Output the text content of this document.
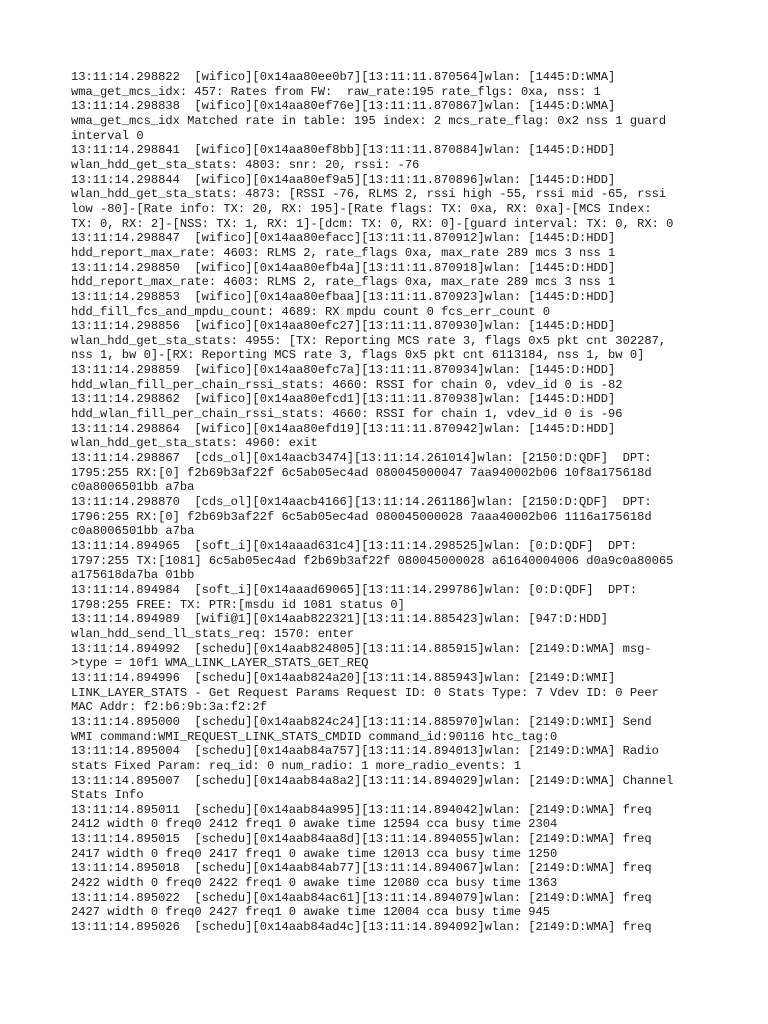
13:11:14.298822  [wifico][0x14aa80ee0b7][13:11:11.870564]wlan: [1445:D:WMA]
wma_get_mcs_idx: 457: Rates from FW:  raw_rate:195 rate_flgs: 0xa, nss: 1
13:11:14.298838  [wifico][0x14aa80ef76e][13:11:11.870867]wlan: [1445:D:WMA]
wma_get_mcs_idx Matched rate in table: 195 index: 2 mcs_rate_flag: 0x2 nss 1 guard
interval 0
13:11:14.298841  [wifico][0x14aa80ef8bb][13:11:11.870884]wlan: [1445:D:HDD]
wlan_hdd_get_sta_stats: 4803: snr: 20, rssi: -76
13:11:14.298844  [wifico][0x14aa80ef9a5][13:11:11.870896]wlan: [1445:D:HDD]
wlan_hdd_get_sta_stats: 4873: [RSSI -76, RLMS 2, rssi high -55, rssi mid -65, rssi
low -80]-[Rate info: TX: 20, RX: 195]-[Rate flags: TX: 0xa, RX: 0xa]-[MCS Index:
TX: 0, RX: 2]-[NSS: TX: 1, RX: 1]-[dcm: TX: 0, RX: 0]-[guard interval: TX: 0, RX: 0
13:11:14.298847  [wifico][0x14aa80efacc][13:11:11.870912]wlan: [1445:D:HDD]
hdd_report_max_rate: 4603: RLMS 2, rate_flags 0xa, max_rate 289 mcs 3 nss 1
13:11:14.298850  [wifico][0x14aa80efb4a][13:11:11.870918]wlan: [1445:D:HDD]
hdd_report_max_rate: 4603: RLMS 2, rate_flags 0xa, max_rate 289 mcs 3 nss 1
13:11:14.298853  [wifico][0x14aa80efbaa][13:11:11.870923]wlan: [1445:D:HDD]
hdd_fill_fcs_and_mpdu_count: 4689: RX mpdu count 0 fcs_err_count 0
13:11:14.298856  [wifico][0x14aa80efc27][13:11:11.870930]wlan: [1445:D:HDD]
wlan_hdd_get_sta_stats: 4955: [TX: Reporting MCS rate 3, flags 0x5 pkt cnt 302287,
nss 1, bw 0]-[RX: Reporting MCS rate 3, flags 0x5 pkt cnt 6113184, nss 1, bw 0]
13:11:14.298859  [wifico][0x14aa80efc7a][13:11:11.870934]wlan: [1445:D:HDD]
hdd_wlan_fill_per_chain_rssi_stats: 4660: RSSI for chain 0, vdev_id 0 is -82
13:11:14.298862  [wifico][0x14aa80efcd1][13:11:11.870938]wlan: [1445:D:HDD]
hdd_wlan_fill_per_chain_rssi_stats: 4660: RSSI for chain 1, vdev_id 0 is -96
13:11:14.298864  [wifico][0x14aa80efd19][13:11:11.870942]wlan: [1445:D:HDD]
wlan_hdd_get_sta_stats: 4960: exit
13:11:14.298867  [cds_ol][0x14aacb3474][13:11:14.261014]wlan: [2150:D:QDF]  DPT:
1795:255 RX:[0] f2b69b3af22f 6c5ab05ec4ad 080045000047 7aa940002b06 10f8a175618d
c0a8006501bb a7ba
13:11:14.298870  [cds_ol][0x14aacb4166][13:11:14.261186]wlan: [2150:D:QDF]  DPT:
1796:255 RX:[0] f2b69b3af22f 6c5ab05ec4ad 080045000028 7aaa40002b06 1116a175618d
c0a8006501bb a7ba
13:11:14.894965  [soft_i][0x14aaad631c4][13:11:14.298525]wlan: [0:D:QDF]  DPT:
1797:255 TX:[1081] 6c5ab05ec4ad f2b69b3af22f 080045000028 a61640004006 d0a9c0a80065
a175618da7ba 01bb
13:11:14.894984  [soft_i][0x14aaad69065][13:11:14.299786]wlan: [0:D:QDF]  DPT:
1798:255 FREE: TX: PTR:[msdu id 1081 status 0]
13:11:14.894989  [wifi@1][0x14aab822321][13:11:14.885423]wlan: [947:D:HDD]
wlan_hdd_send_ll_stats_req: 1570: enter
13:11:14.894992  [schedu][0x14aab824805][13:11:14.885915]wlan: [2149:D:WMA] msg-
>type = 10f1 WMA_LINK_LAYER_STATS_GET_REQ
13:11:14.894996  [schedu][0x14aab824a20][13:11:14.885943]wlan: [2149:D:WMI]
LINK_LAYER_STATS - Get Request Params Request ID: 0 Stats Type: 7 Vdev ID: 0 Peer
MAC Addr: f2:b6:9b:3a:f2:2f
13:11:14.895000  [schedu][0x14aab824c24][13:11:14.885970]wlan: [2149:D:WMI] Send
WMI command:WMI_REQUEST_LINK_STATS_CMDID command_id:90116 htc_tag:0
13:11:14.895004  [schedu][0x14aab84a757][13:11:14.894013]wlan: [2149:D:WMA] Radio
stats Fixed Param: req_id: 0 num_radio: 1 more_radio_events: 1
13:11:14.895007  [schedu][0x14aab84a8a2][13:11:14.894029]wlan: [2149:D:WMA] Channel
Stats Info
13:11:14.895011  [schedu][0x14aab84a995][13:11:14.894042]wlan: [2149:D:WMA] freq
2412 width 0 freq0 2412 freq1 0 awake time 12594 cca busy time 2304
13:11:14.895015  [schedu][0x14aab84aa8d][13:11:14.894055]wlan: [2149:D:WMA] freq
2417 width 0 freq0 2417 freq1 0 awake time 12013 cca busy time 1250
13:11:14.895018  [schedu][0x14aab84ab77][13:11:14.894067]wlan: [2149:D:WMA] freq
2422 width 0 freq0 2422 freq1 0 awake time 12080 cca busy time 1363
13:11:14.895022  [schedu][0x14aab84ac61][13:11:14.894079]wlan: [2149:D:WMA] freq
2427 width 0 freq0 2427 freq1 0 awake time 12004 cca busy time 945
13:11:14.895026  [schedu][0x14aab84ad4c][13:11:14.894092]wlan: [2149:D:WMA] freq
